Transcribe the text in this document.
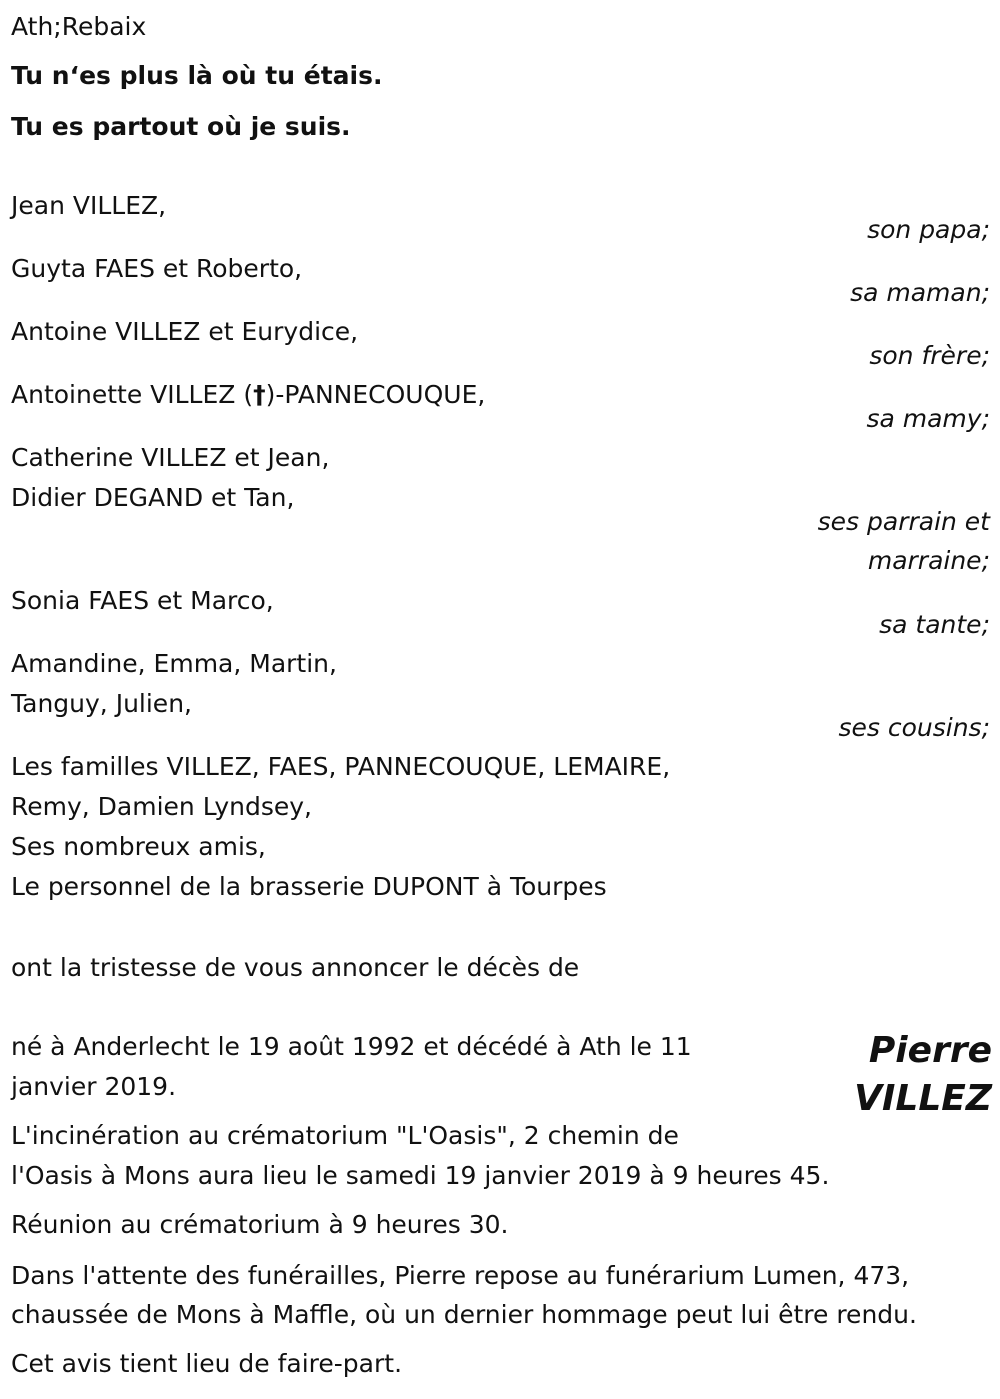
Ath;Rebaix
Tu n‘es plus là où tu étais.
Tu es partout où je suis.
Jean VILLEZ,
son papa;
Guyta FAES et Roberto,
sa maman;
Antoine VILLEZ et Eurydice,
son frère;
Antoinette VILLEZ (†)-PANNECOUQUE,
sa mamy;
Catherine VILLEZ et Jean,
Didier DEGAND et Tan,
ses parrain et
marraine;
Sonia FAES et Marco,
sa tante;
Amandine, Emma, Martin,
Tanguy, Julien,
ses cousins;
Les familles VILLEZ, FAES, PANNECOUQUE, LEMAIRE,
Remy, Damien Lyndsey,
Ses nombreux amis,
Le personnel de la brasserie DUPONT à Tourpes
ont la tristesse de vous annoncer le décès de
Pierre
VILLEZ
né à Anderlecht le 19 août 1992 et décédé à Ath le 11
janvier 2019.
L'incinération au crématorium "L'Oasis", 2 chemin de
l'Oasis à Mons aura lieu le samedi 19 janvier 2019 à 9 heures 45.
Réunion au crématorium à 9 heures 30.
Dans l'attente des funérailles, Pierre repose au funérarium Lumen, 473,
chaussée de Mons à Maffle, où un dernier hommage peut lui être rendu.
Cet avis tient lieu de faire-part.
